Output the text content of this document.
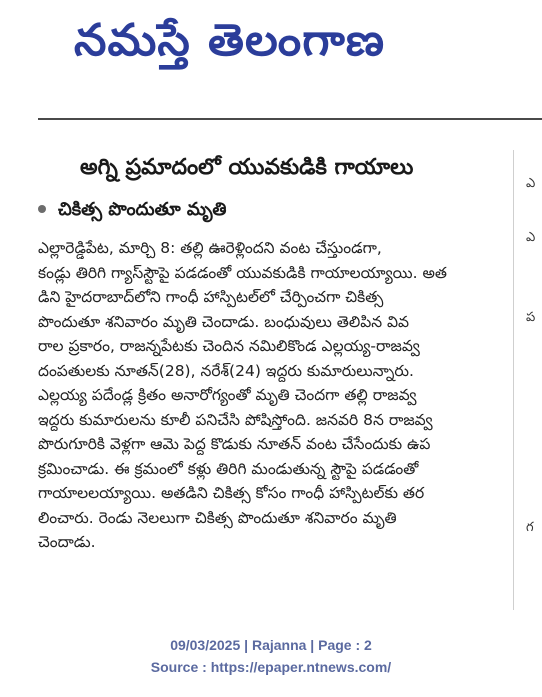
నమస్తే తెలంగాణ
ఎ
ఎ
ప
గ
అగ్ని ప్రమాదంలో యువకుడికి గాయాలు
చికిత్స పొందుతూ మృతి
ఎల్లారెడ్డిపేట, మార్చి 8: తల్లి ఊరెళ్లిందని వంట చేస్తుండగా,
కండ్లు తిరిగి గ్యాస్‌స్టౌపై పడడంతో యువకుడికి గాయాలయ్యాయి. అత
డిని హైదరాబాద్‌లోని గాంధీ హాస్పిటల్‌లో చేర్పించగా చికిత్స
పొందుతూ శనివారం మృతి చెందాడు. బంధువులు తెలిపిన వివ
రాల ప్రకారం, రాజన్నపేటకు చెందిన నమిలికొండ ఎల్లయ్య-రాజవ్వ
దంపతులకు నూతన్(28), నరేశ్(24) ఇద్దరు కుమారులున్నారు.
ఎల్లయ్య పదేండ్ల క్రితం అనారోగ్యంతో మృతి చెందగా తల్లి రాజవ్వ
ఇద్దరు కుమారులను కూలీ పనిచేసి పోషిస్తోంది. జనవరి 8న రాజవ్వ
పొరుగూరికి వెళ్లగా ఆమె పెద్ద కొడుకు నూతన్ వంట చేసేందుకు ఉప
క్రమించాడు. ఈ క్రమంలో కళ్లు తిరిగి మండుతున్న స్టౌపై పడడంతో
గాయాలలయ్యాయి. అతడిని చికిత్స కోసం గాంధీ హాస్పిటల్‌కు తర
లించారు. రెండు నెలలుగా చికిత్స పొందుతూ శనివారం మృతి
చెందాడు.
09/03/2025 | Rajanna | Page : 2
Source : https://epaper.ntnews.com/
